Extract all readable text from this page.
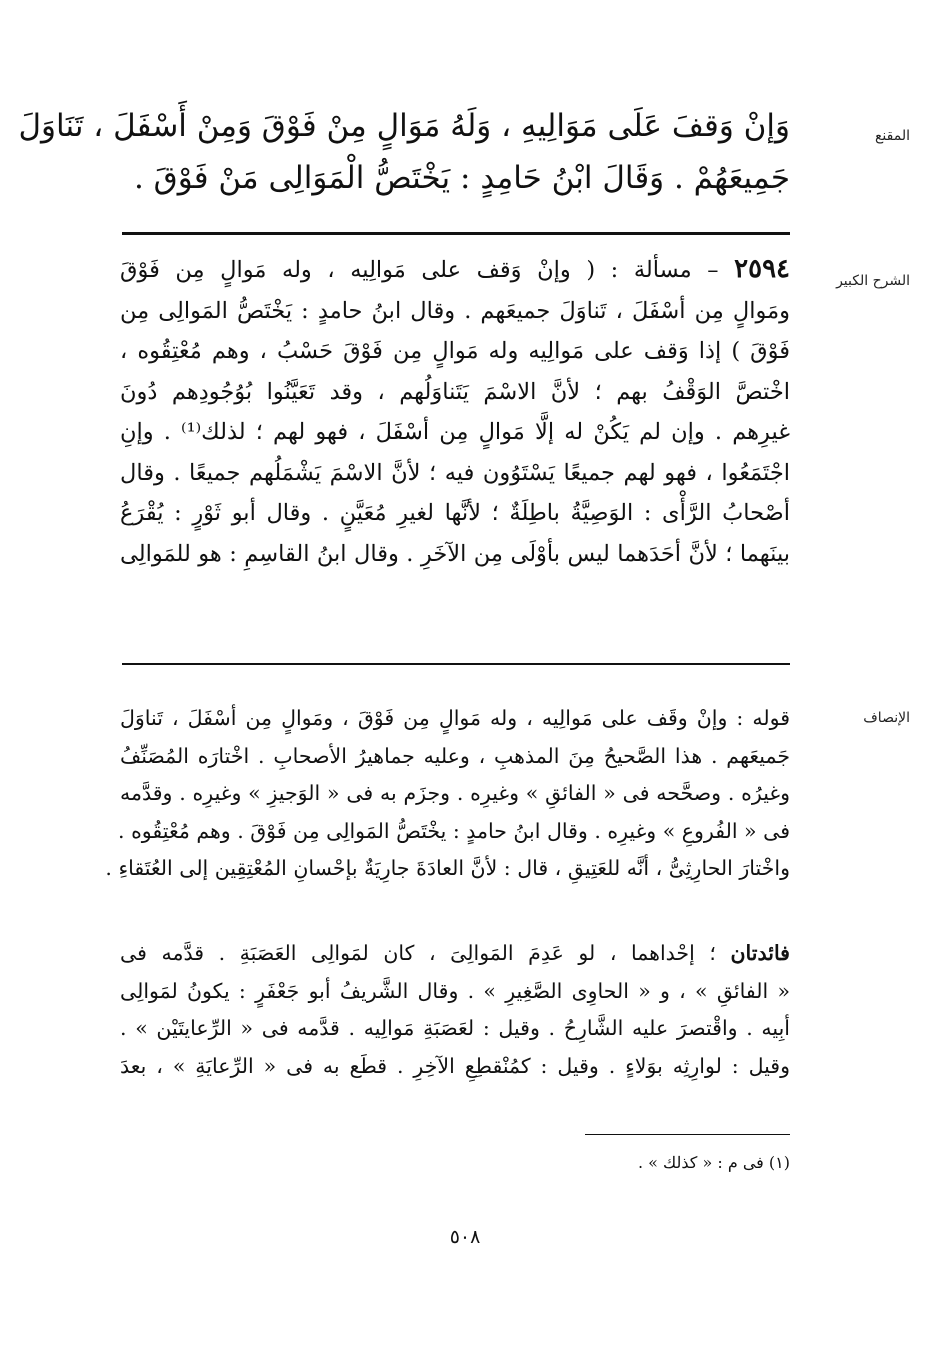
المقنع
وَإنْ وَقفَ عَلَى مَوَالِيهِ ، وَلَهُ مَوَالٍ مِنْ فَوْقَ وَمِنْ أَسْفَلَ ، تَنَاوَلَ
جَمِيعَهُمْ . وَقَالَ ابْنُ حَامِدٍ : يَخْتَصُّ الْمَوَالِى مَنْ فَوْقَ .
الشرح الكبير
٢٥٩٤ – مسألة : ( وإنْ وَقف على مَوالِيه ، وله مَوالٍ مِن فَوْقَ
ومَوالٍ مِن أسْفَلَ ، تَناوَلَ جميعَهم . وقال ابنُ حامدٍ : يَخْتَصُّ المَوالِى مِن
فَوْقَ ) إذا وَقف على مَوالِيه وله مَوالٍ مِن فَوْقَ حَسْبُ ، وهم مُعْتِقُوه ،
اخْتصَّ الوَقْفُ بهم ؛ لأنَّ الاسْمَ يَتَناوَلُهم ، وقد تَعَيَّنُوا بُوُجُودِهم دُونَ
غيرِهم . وإن لم يَكُنْ له إلَّا مَوالٍ مِن أسْفَلَ ، فهو لهم ؛ لذلك⁽¹⁾ . وإنِ
اجْتَمَعُوا ، فهو لهم جميعًا يَسْتَوُون فيه ؛ لأنَّ الاسْمَ يَشْمَلُهم جميعًا . وقال
أصْحابُ الرَّأْى : الوَصِيَّةُ باطِلَةٌ ؛ لأنَّها لغيرِ مُعَيَّنٍ . وقال أبو ثَوْرٍ : يُقْرَعُ
بينَهما ؛ لأنَّ أحَدَهما ليس بأوْلَى مِن الآخَرِ . وقال ابنُ القاسِمِ : هو للمَوالِى
الإنصاف
قوله : وإنْ وقَف على مَوالِيه ، وله مَوالٍ مِن فَوْقَ ، ومَوالٍ مِن أسْفَلَ ، تَناوَلَ
جَميعَهم . هذا الصَّحيحُ مِنَ المذهبِ ، وعليه جماهيرُ الأصحابِ . اخْتارَه المُصَنِّفُ
وغيرُه . وصحَّحه فى « الفائقِ » وغيرِه . وجزَم به فى « الوَجيزِ » وغيرِه . وقدَّمه
فى « الفُروعِ » وغيرِه . وقال ابنُ حامدٍ : يخْتَصُّ المَوالِى مِن فَوْقَ . وهم مُعْتِقُوه .
واخْتارَ الحارِثِىُّ ، أنَّه للعَتِيقِ ، قال : لأنَّ العادَةَ جارِيَةٌ بإحْسانِ المُعْتِقِين إلى العُتَقاءِ .
فائدتان ؛ إحْداهما ، لو عَدِمَ المَوالِىَ ، كان لمَوالِى العَصَبَةِ . قدَّمه فى
« الفائقِ » ، و « الحاوِى الصَّغِيرِ » . وقال الشَّريفُ أبو جَعْفَرٍ : يكونُ لمَوالِى
أبِيه . واقْتصرَ عليه الشَّارِحُ . وقيل : لعَصَبَةِ مَوالِيه . قدَّمه فى « الرِّعايتَيْن » .
وقيل : لوارِثِه بوَلاءٍ . وقيل : كمُنْقطِعِ الآخِرِ . قطَع به فى « الرِّعايَةِ » ، بعدَ
(١) فى م : « كذلك » .
٥٠٨
